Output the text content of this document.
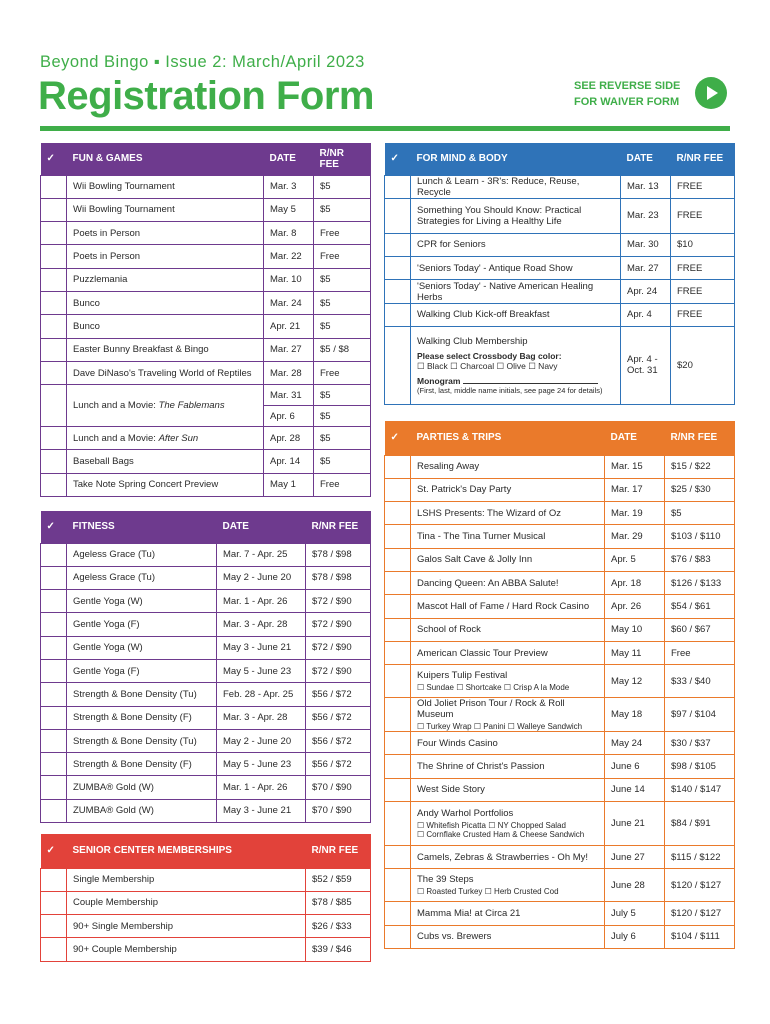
Beyond Bingo ▪ Issue 2: March/April 2023
Registration Form	SEE REVERSE SIDE
FOR WAIVER FORM
✓	FUN & GAMES	DATE	R/NR FEE
	Wii Bowling Tournament	Mar. 3	$5
	Wii Bowling Tournament	May 5	$5
	Poets in Person	Mar. 8	Free
	Poets in Person	Mar. 22	Free
	Puzzlemania	Mar. 10	$5
	Bunco	Mar. 24	$5
	Bunco	Apr. 21	$5
	Easter Bunny Breakfast & Bingo	Mar. 27	$5 / $8
	Dave DiNaso's Traveling World of Reptiles	Mar. 28	Free
	Lunch and a Movie: The Fablemans	Mar. 31	$5
		Apr. 6	$5
	Lunch and a Movie: After Sun	Apr. 28	$5
	Baseball Bags	Apr. 14	$5
	Take Note Spring Concert Preview	May 1	Free
✓	FITNESS	DATE	R/NR FEE
	Ageless Grace (Tu)	Mar. 7 - Apr. 25	$78 / $98
	Ageless Grace (Tu)	May 2 - June 20	$78 / $98
	Gentle Yoga (W)	Mar. 1 - Apr. 26	$72 / $90
	Gentle Yoga (F)	Mar. 3 - Apr. 28	$72 / $90
	Gentle Yoga (W)	May 3 - June 21	$72 / $90
	Gentle Yoga (F)	May 5 - June 23	$72 / $90
	Strength & Bone Density (Tu)	Feb. 28 - Apr. 25	$56 / $72
	Strength & Bone Density (F)	Mar. 3 - Apr. 28	$56 / $72
	Strength & Bone Density (Tu)	May 2 - June 20	$56 / $72
	Strength & Bone Density (F)	May 5 - June 23	$56 / $72
	ZUMBA® Gold (W)	Mar. 1 - Apr. 26	$70 / $90
	ZUMBA® Gold (W)	May 3 - June 21	$70 / $90
✓	SENIOR CENTER MEMBERSHIPS	R/NR FEE
	Single Membership	$52 / $59
	Couple Membership	$78 / $85
	90+ Single Membership	$26 / $33
	90+ Couple Membership	$39 / $46
✓	FOR MIND & BODY	DATE	R/NR FEE
	Lunch & Learn - 3R's: Reduce, Reuse, Recycle	Mar. 13	FREE
	Something You Should Know: Practical Strategies for Living a Healthy Life	Mar. 23	FREE
	CPR for Seniors	Mar. 30	$10
	'Seniors Today' - Antique Road Show	Mar. 27	FREE
	'Seniors Today' - Native American Healing Herbs	Apr. 24	FREE
	Walking Club Kick-off Breakfast	Apr. 4	FREE

	Walking Club Membership
Please select Crossbody Bag color:
☐ Black ☐ Charcoal ☐ Olive ☐ Navy
Monogram
(First, last, middle name initials, see page 24 for details)	Apr. 4 - Oct. 31	$20
✓	PARTIES & TRIPS	DATE	R/NR FEE
	Resaling Away	Mar. 15	$15 / $22
	St. Patrick's Day Party	Mar. 17	$25 / $30
	LSHS Presents: The Wizard of Oz	Mar. 19	$5
	Tina - The Tina Turner Musical	Mar. 29	$103 / $110
	Galos Salt Cave & Jolly Inn	Apr. 5	$76 / $83
	Dancing Queen: An ABBA Salute!	Apr. 18	$126 / $133
	Mascot Hall of Fame / Hard Rock Casino	Apr. 26	$54 / $61
	School of Rock	May 10	$60 / $67
	American Classic Tour Preview	May 11	Free
	Kuipers Tulip Festival
☐ Sundae ☐ Shortcake ☐ Crisp A la Mode	May 12	$33 / $40
	Old Joliet Prison Tour / Rock & Roll Museum
☐ Turkey Wrap ☐ Panini ☐ Walleye Sandwich	May 18	$97 / $104
	Four Winds Casino	May 24	$30 / $37
	The Shrine of Christ's Passion	June 6	$98 / $105
	West Side Story	June 14	$140 / $147
	Andy Warhol Portfolios
☐ Whitefish Picatta ☐ NY Chopped Salad
☐ Cornflake Crusted Ham & Cheese Sandwich	June 21	$84 / $91
	Camels, Zebras & Strawberries - Oh My!	June 27	$115 / $122
	The 39 Steps
☐ Roasted Turkey ☐ Herb Crusted Cod	June 28	$120 / $127
	Mamma Mia! at Circa 21	July 5	$120 / $127
	Cubs vs. Brewers	July 6	$104 / $111
